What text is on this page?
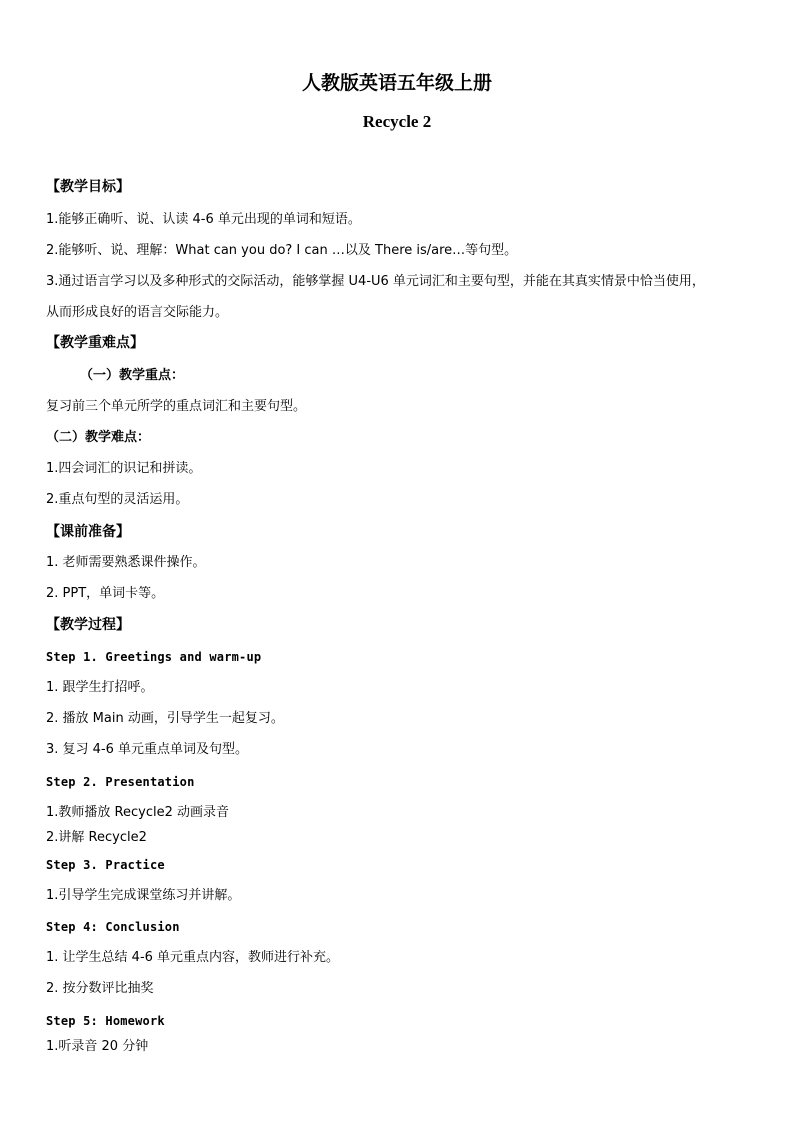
人教版英语五年级上册
Recycle 2
【教学目标】
1.能够正确听、说、认读 4-6 单元出现的单词和短语。
2.能够听、说、理解：What can you do? I can …以及 There is/are…等句型。
3.通过语言学习以及多种形式的交际活动，能够掌握 U4-U6 单元词汇和主要句型，并能在其真实情景中恰当使用，
从而形成良好的语言交际能力。
【教学重难点】
（一）教学重点：
复习前三个单元所学的重点词汇和主要句型。
（二）教学难点：
1.四会词汇的识记和拼读。
2.重点句型的灵活运用。
【课前准备】
1. 老师需要熟悉课件操作。
2. PPT，单词卡等。
【教学过程】
Step 1. Greetings and warm-up
1. 跟学生打招呼。
2. 播放 Main 动画，引导学生一起复习。
3. 复习 4-6 单元重点单词及句型。
Step 2. Presentation
1.教师播放 Recycle2 动画录音
2.讲解 Recycle2
Step 3. Practice
1.引导学生完成课堂练习并讲解。
Step 4: Conclusion
1. 让学生总结 4-6 单元重点内容，教师进行补充。
2. 按分数评比抽奖
Step 5: Homework
1.听录音 20 分钟
